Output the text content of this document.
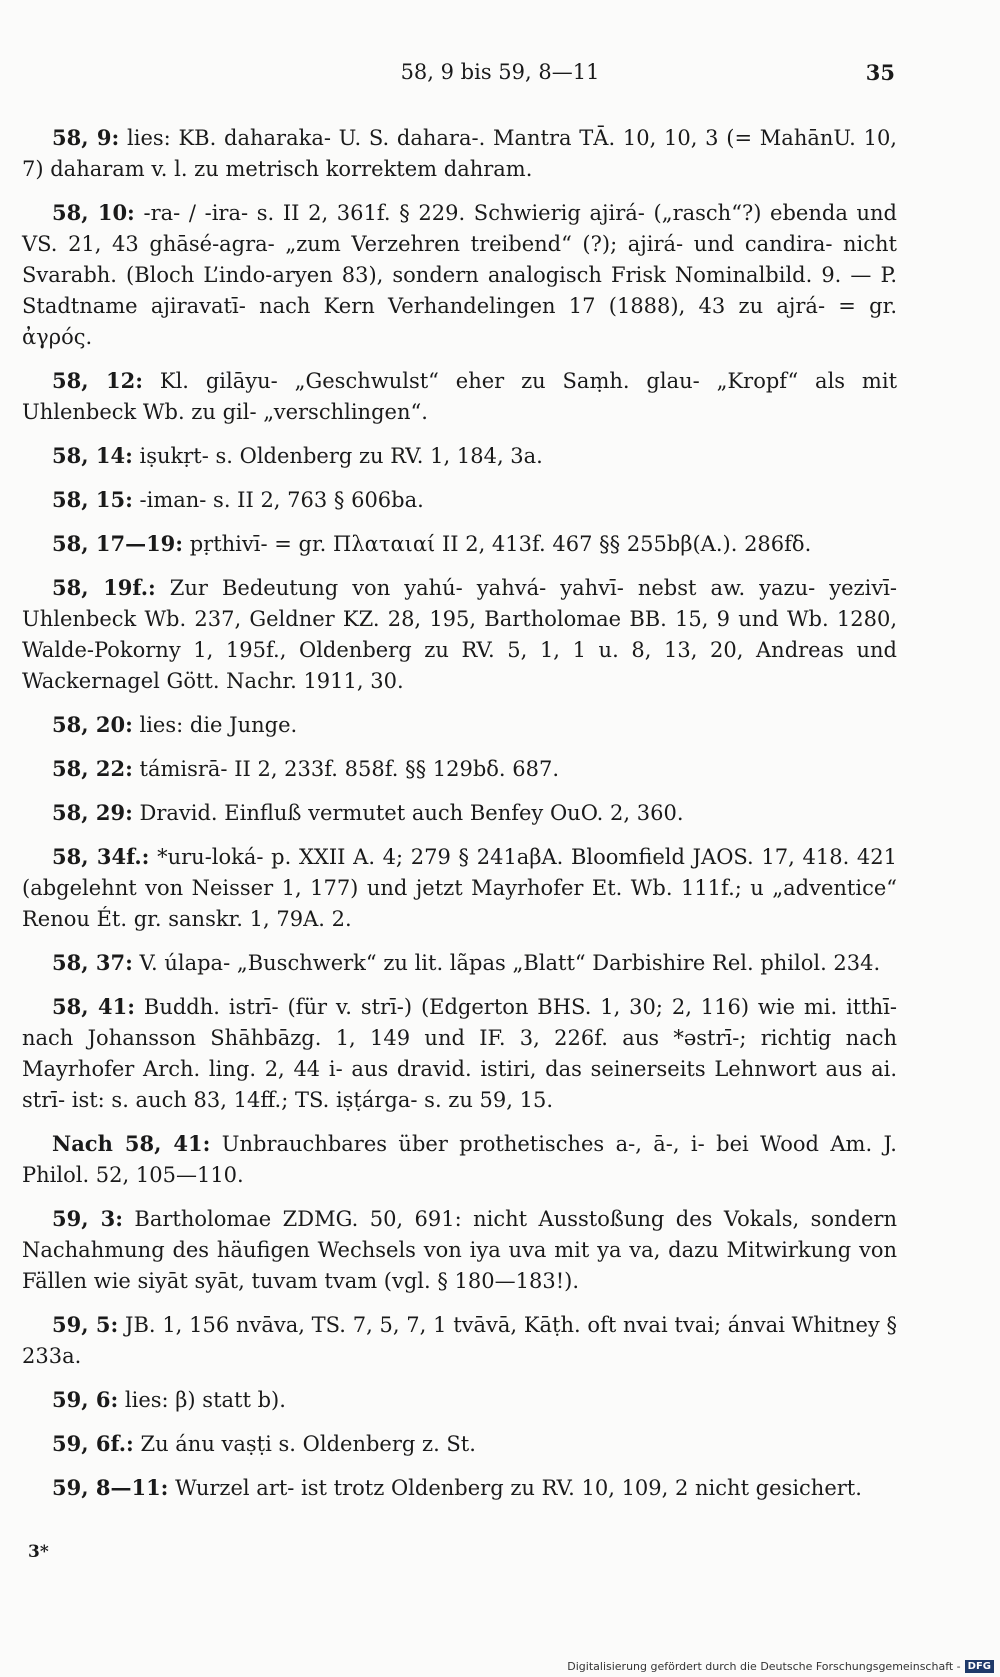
58, 9 bis 59, 8—11	35

58, 9: lies: KB. daharaka- U. S. dahara-. Mantra TĀ. 10, 10, 3 (= MahānU. 10, 7) daharam v. l. zu metrisch korrektem dahram.

58, 10: -ra- / -ira- s. II 2, 361f. § 229. Schwierig ajirá- („rasch“?) ebenda und VS. 21, 43 ghāsé-agra- „zum Verzehren treibend“ (?); ajirá- und candira- nicht Svarabh. (Bloch L’indo-aryen 83), sondern analogisch Frisk Nominalbild. 9. — P. Stadtname ajiravatī- nach Kern Verhandelingen 17 (1888), 43 zu ajrá- = gr. ἀγρός.

58, 12: Kl. gilāyu- „Geschwulst“ eher zu Saṃh. glau- „Kropf“ als mit Uhlenbeck Wb. zu gil- „verschlingen“.

58, 14: iṣukṛt- s. Oldenberg zu RV. 1, 184, 3a.

58, 15: -iman- s. II 2, 763 § 606ba.

58, 17—19: pṛthivī- = gr. Πλαταιαί II 2, 413f. 467 §§ 255bβ(A.). 286fδ.

58, 19f.: Zur Bedeutung von yahú- yahvá- yahvī- nebst aw. yazu- yezivī- Uhlenbeck Wb. 237, Geldner KZ. 28, 195, Bartholomae BB. 15, 9 und Wb. 1280, Walde-Pokorny 1, 195f., Oldenberg zu RV. 5, 1, 1 u. 8, 13, 20, Andreas und Wackernagel Gött. Nachr. 1911, 30.

58, 20: lies: die Junge.

58, 22: támisrā- II 2, 233f. 858f. §§ 129bδ. 687.

58, 29: Dravid. Einfluß vermutet auch Benfey OuO. 2, 360.

58, 34f.: *uru-loká- p. XXII A. 4; 279 § 241aβA. Bloomfield JAOS. 17, 418. 421 (abgelehnt von Neisser 1, 177) und jetzt Mayrhofer Et. Wb. 111f.; u „adventice“ Renou Ét. gr. sanskr. 1, 79A. 2.

58, 37: V. úlapa- „Buschwerk“ zu lit. lãpas „Blatt“ Darbishire Rel. philol. 234.

58, 41: Buddh. istrī- (für v. strī-) (Edgerton BHS. 1, 30; 2, 116) wie mi. itthī- nach Johansson Shāhbāzg. 1, 149 und IF. 3, 226f. aus *əstrī-; richtig nach Mayrhofer Arch. ling. 2, 44 i- aus dravid. istiri, das seinerseits Lehnwort aus ai. strī- ist: s. auch 83, 14ff.; TS. iṣṭárga- s. zu 59, 15.

Nach 58, 41: Unbrauchbares über prothetisches a-, ā-, i- bei Wood Am. J. Philol. 52, 105—110.

59, 3: Bartholomae ZDMG. 50, 691: nicht Ausstoßung des Vokals, sondern Nachahmung des häufigen Wechsels von iya uva mit ya va, dazu Mitwirkung von Fällen wie siyāt syāt, tuvam tvam (vgl. § 180—183!).

59, 5: JB. 1, 156 nvāva, TS. 7, 5, 7, 1 tvāvā, Kāṭh. oft nvai tvai; ánvai Whitney § 233a.

59, 6: lies: β) statt b).

59, 6f.: Zu ánu vaṣṭi s. Oldenberg z. St.

59, 8—11: Wurzel art- ist trotz Oldenberg zu RV. 10, 109, 2 nicht gesichert.

3*
Digitalisierung gefördert durch die Deutsche Forschungsgemeinschaft - DFG
